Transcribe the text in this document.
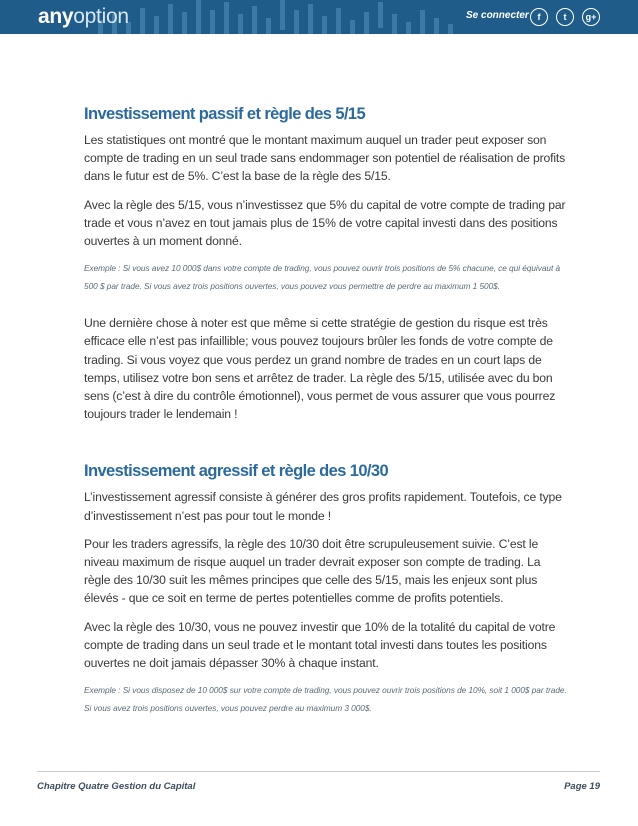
anyoption	Se connecter f	t	g+
Investissement passif et règle des 5/15

Les statistiques ont montré que le montant maximum auquel un trader peut exposer son compte de trading en un seul trade sans endommager son potentiel de réalisation de profits dans le futur est de 5%. C’est la base de la règle des 5/15.

Avec la règle des 5/15, vous n’investissez que 5% du capital de votre compte de trading par trade et vous n’avez en tout jamais plus de 15% de votre capital investi dans des positions ouvertes à un moment donné.

Exemple : Si vous avez 10 000$ dans votre compte de trading, vous pouvez ouvrir trois positions de 5% chacune, ce qui équivaut à 500 $ par trade. Si vous avez trois positions ouvertes, vous pouvez vous permettre de perdre au maximum 1 500$.

Une dernière chose à noter est que même si cette stratégie de gestion du risque est très efficace elle n’est pas infaillible; vous pouvez toujours brûler les fonds de votre compte de trading. Si vous voyez que vous perdez un grand nombre de trades en un court laps de temps, utilisez votre bon sens et arrêtez de trader. La règle des 5/15, utilisée avec du bon sens (c’est à dire du contrôle émotionnel), vous permet de vous assurer que vous pourrez toujours trader le lendemain !

Investissement agressif et règle des 10/30

L’investissement agressif consiste à générer des gros profits rapidement. Toutefois, ce type d’investissement n’est pas pour tout le monde !

Pour les traders agressifs, la règle des 10/30 doit être scrupuleusement suivie. C’est le niveau maximum de risque auquel un trader devrait exposer son compte de trading. La règle des 10/30 suit les mêmes principes que celle des 5/15, mais les enjeux sont plus élevés - que ce soit en terme de pertes potentielles comme de profits potentiels.

Avec la règle des 10/30, vous ne pouvez investir que 10% de la totalité du capital de votre compte de trading dans un seul trade et le montant total investi dans toutes les positions ouvertes ne doit jamais dépasser 30% à chaque instant.

Exemple : Si vous disposez de 10 000$ sur votre compte de trading, vous pouvez ouvrir trois positions de 10%, soit 1 000$ par trade. Si vous avez trois positions ouvertes, vous pouvez perdre au maximum 3 000$.

Chapitre Quatre Gestion du Capital	Page 19
